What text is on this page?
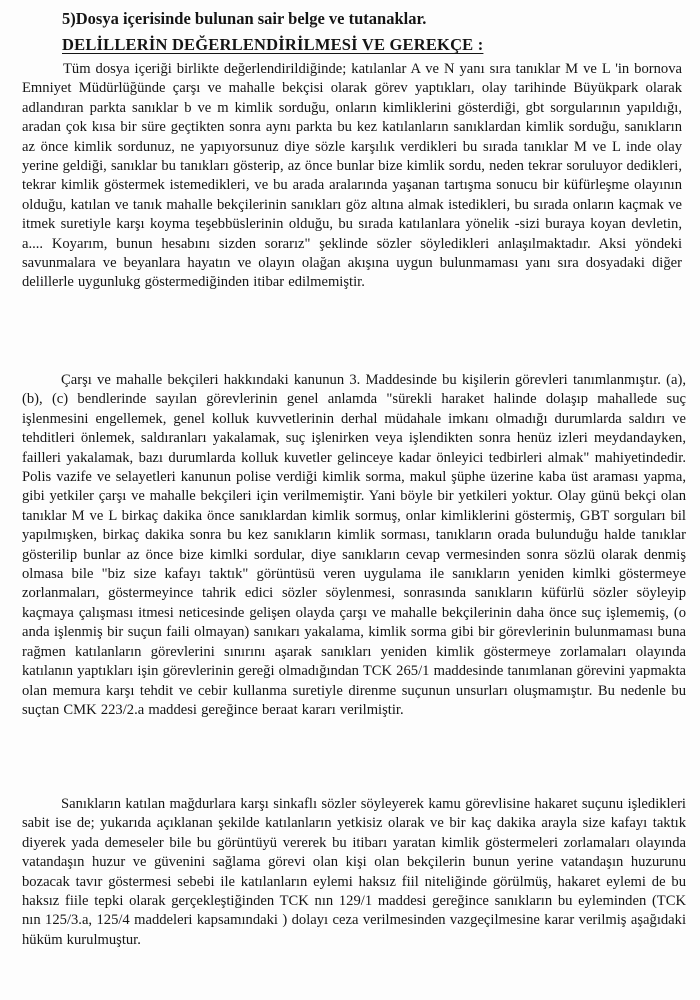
5)Dosya içerisinde bulunan sair belge ve tutanaklar.
DELİLLERİN DEĞERLENDİRİLMESİ VE GEREKÇE :

Tüm dosya içeriği birlikte değerlendirildiğinde; katılanlar A ve N yanı sıra tanıklar M ve L 'in bornova Emniyet Müdürlüğünde çarşı ve mahalle bekçisi olarak görev yaptıkları, olay tarihinde Büyükpark olarak adlandıran parkta sanıklar b ve m kimlik sorduğu, onların kimliklerini gösterdiği, gbt sorgularının yapıldığı, aradan çok kısa bir süre geçtikten sonra aynı parkta bu kez katılanların sanıklardan kimlik sorduğu, sanıkların az önce kimlik sordunuz, ne yapıyorsunuz diye sözle karşılık verdikleri bu sırada tanıklar M ve L inde olay yerine geldiği, sanıklar bu tanıkları gösterip, az önce bunlar bize kimlik sordu, neden tekrar soruluyor dedikleri, tekrar kimlik göstermek istemedikleri, ve bu arada aralarında yaşanan tartışma sonucu bir küfürleşme olayının olduğu, katılan ve tanık mahalle bekçilerinin sanıkları göz altına almak istedikleri, bu sırada onların kaçmak ve itmek suretiyle karşı koyma teşebbüslerinin olduğu, bu sırada katılanlara yönelik -sizi buraya koyan devletin, a.... Koyarım, bunun hesabını sizden sorarız" şeklinde sözler söyledikleri anlaşılmaktadır. Aksi yöndeki savunmalara ve beyanlara hayatın ve olayın olağan akışına uygun bulunmaması yanı sıra dosyadaki diğer delillerle uygunlukg göstermediğinden itibar edilmemiştir.

Çarşı ve mahalle bekçileri hakkındaki kanunun 3. Maddesinde bu kişilerin görevleri tanımlanmıştır. (a), (b), (c) bendlerinde sayılan görevlerinin genel anlamda "sürekli haraket halinde dolaşıp mahallede suç işlenmesini engellemek, genel kolluk kuvvetlerinin derhal müdahale imkanı olmadığı durumlarda saldırı ve tehditleri önlemek, saldıranları yakalamak, suç işlenirken veya işlendikten sonra henüz izleri meydandayken, failleri yakalamak, bazı durumlarda kolluk kuvetler gelinceye kadar önleyici tedbirleri almak" mahiyetindedir. Polis vazife ve selayetleri kanunun polise verdiği kimlik sorma, makul şüphe üzerine kaba üst araması yapma, gibi yetkiler çarşı ve mahalle bekçileri için verilmemiştir. Yani böyle bir yetkileri yoktur. Olay günü bekçi olan tanıklar M ve L birkaç dakika önce sanıklardan kimlik sormuş, onlar kimliklerini göstermiş, GBT sorguları bil yapılmışken, birkaç dakika sonra bu kez sanıkların kimlik sorması, tanıkların orada bulunduğu halde tanıklar gösterilip bunlar az önce bize kimlki sordular, diye sanıkların cevap vermesinden sonra sözlü olarak denmiş olmasa bile "biz size kafayı taktık" görüntüsü veren uygulama ile sanıkların yeniden kimlki göstermeye zorlanmaları, göstermeyince tahrik edici sözler söylenmesi, sonrasında sanıkların küfürlü sözler söyleyip kaçmaya çalışması itmesi neticesinde gelişen olayda çarşı ve mahalle bekçilerinin daha önce suç işlememiş, (o anda işlenmiş bir suçun faili olmayan) sanıkarı yakalama, kimlik sorma gibi bir görevlerinin bulunmaması buna rağmen katılanların görevlerini sınırını aşarak sanıkları yeniden kimlik göstermeye zorlamaları olayında katılanın yaptıkları işin görevlerinin gereği olmadığından TCK 265/1 maddesinde tanımlanan görevini yapmakta olan memura karşı tehdit ve cebir kullanma suretiyle direnme suçunun unsurları oluşmamıştır. Bu nedenle bu suçtan CMK 223/2.a maddesi gereğince beraat kararı verilmiştir.

Sanıkların katılan mağdurlara karşı sinkaflı sözler söyleyerek kamu görevlisine hakaret suçunu işledikleri sabit ise de; yukarıda açıklanan şekilde katılanların yetkisiz olarak ve bir kaç dakika arayla size kafayı taktık diyerek yada demeseler bile bu görüntüyü vererek bu itibarı yaratan kimlik göstermeleri zorlamaları olayında vatandaşın huzur ve güvenini sağlama görevi olan kişi olan bekçilerin bunun yerine vatandaşın huzurunu bozacak tavır göstermesi sebebi ile katılanların eylemi haksız fiil niteliğinde görülmüş, hakaret eylemi de bu haksız fiile tepki olarak gerçekleştiğinden TCK nın 129/1 maddesi gereğince sanıkların bu eyleminden (TCK nın 125/3.a, 125/4 maddeleri kapsamındaki ) dolayı ceza verilmesinden vazgeçilmesine karar verilmiş aşağıdaki hüküm kurulmuştur.
